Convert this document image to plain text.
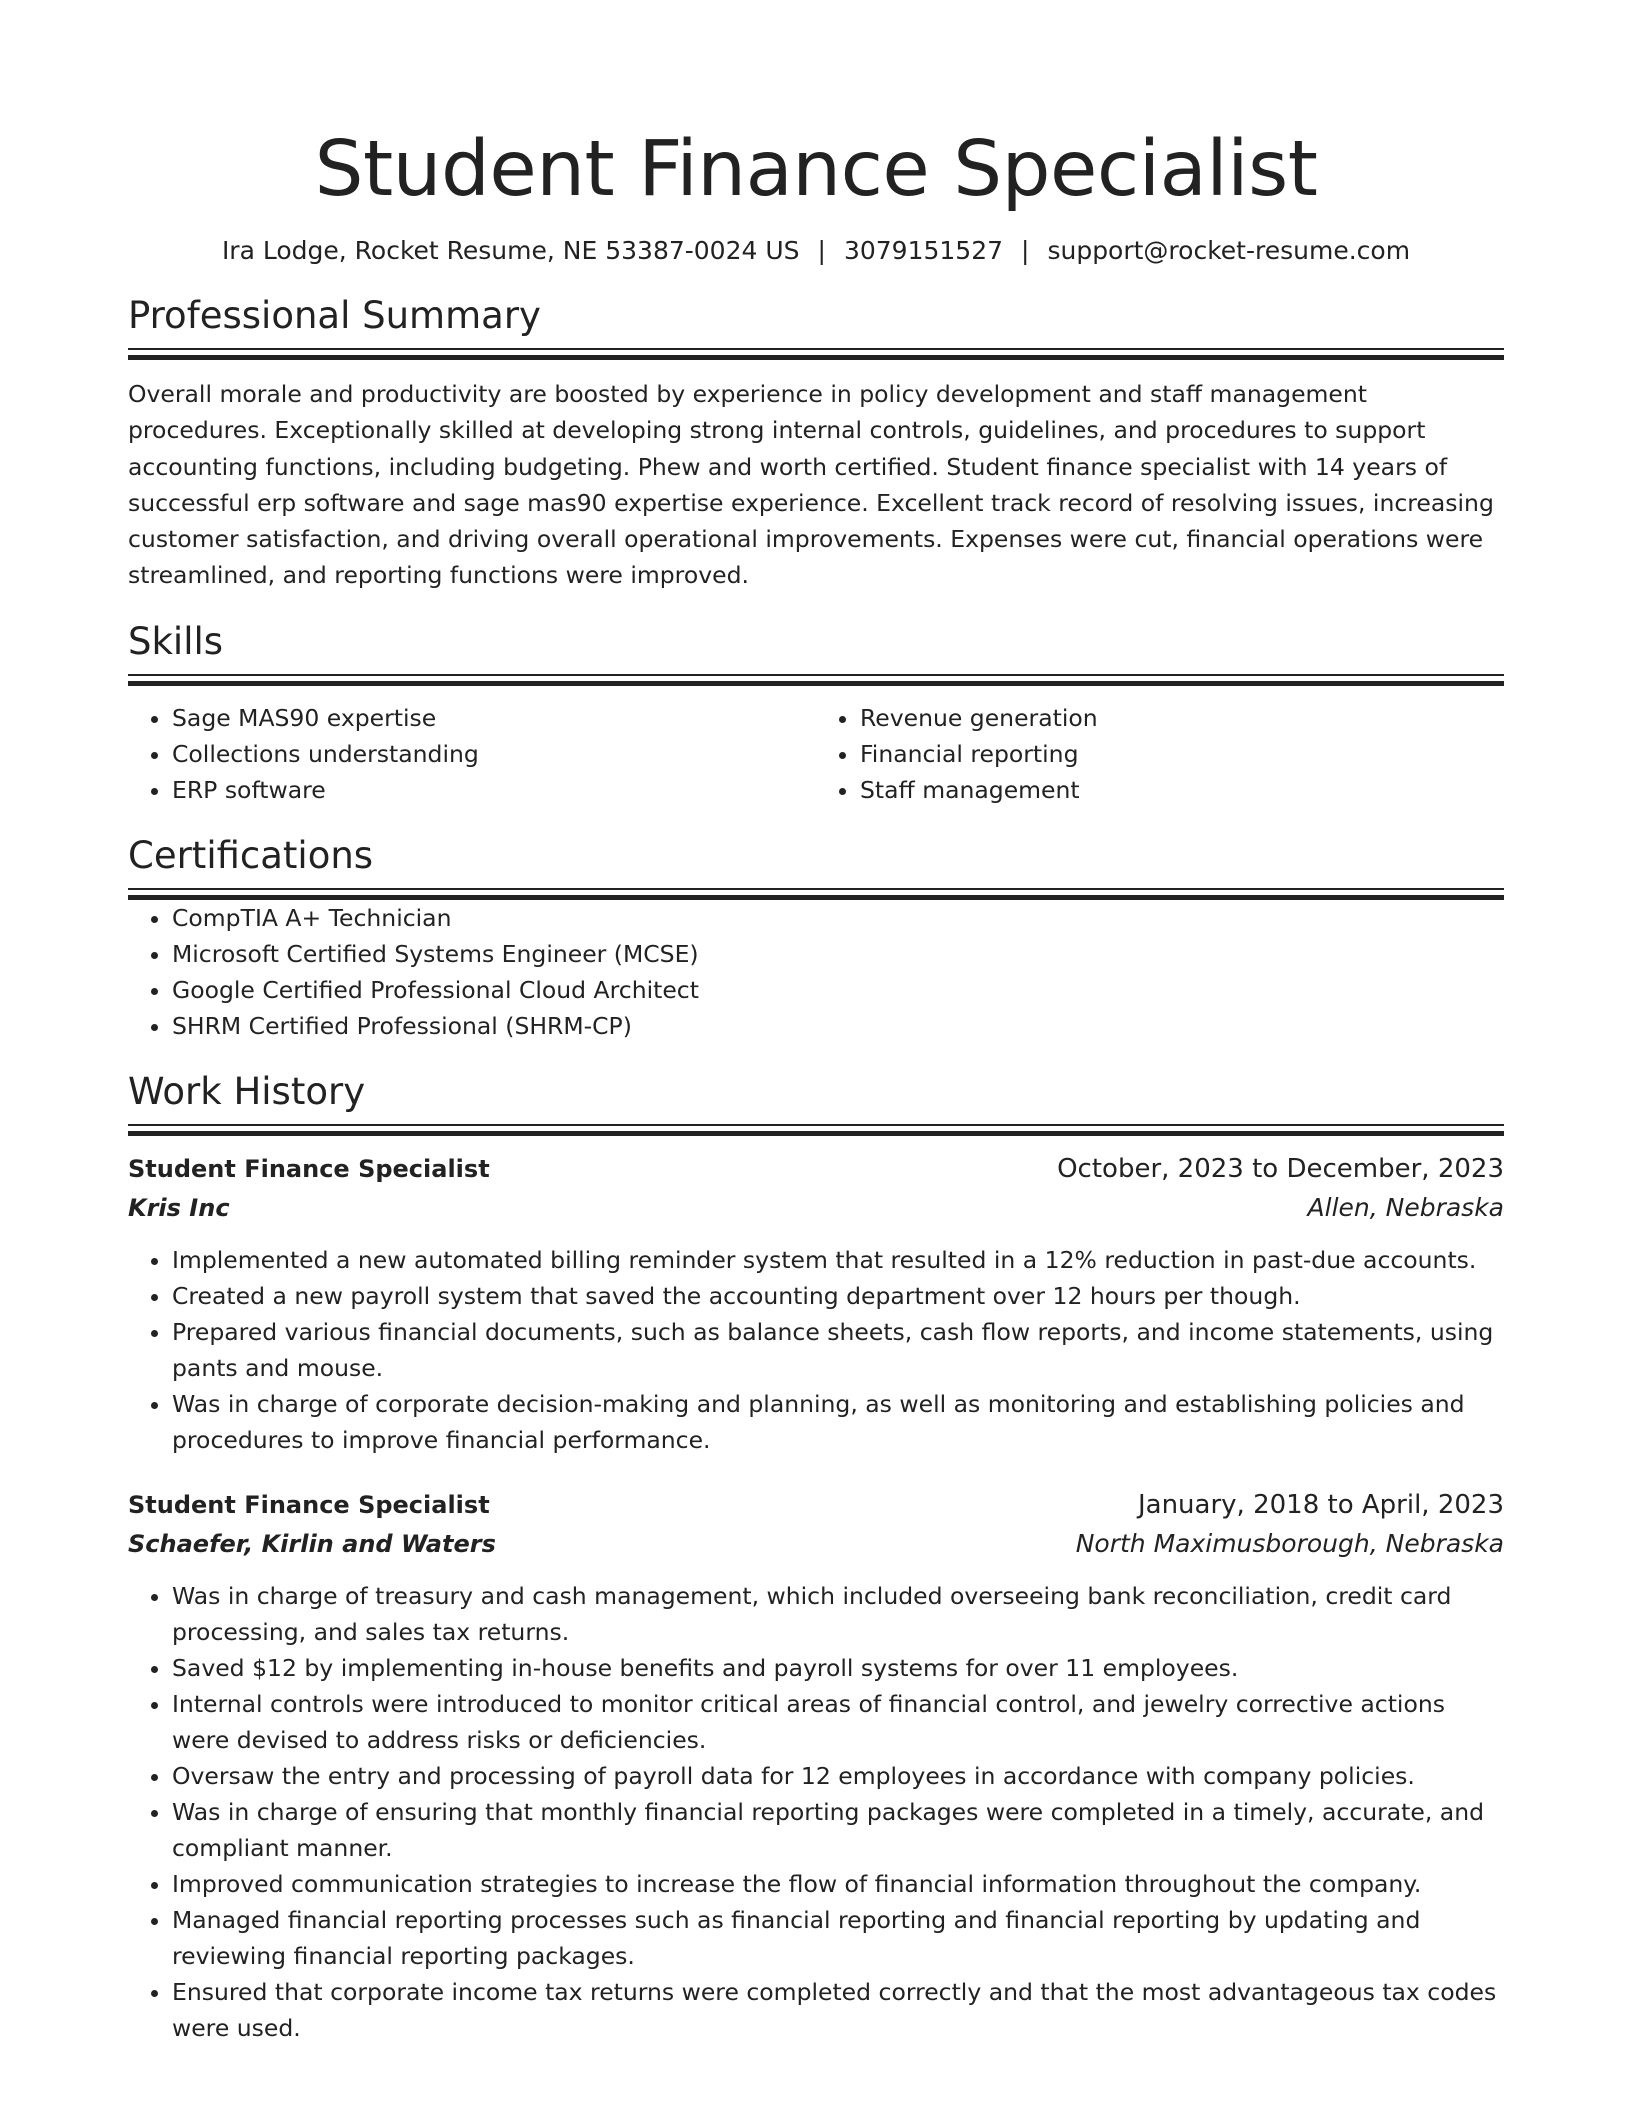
Student Finance Specialist
Ira Lodge, Rocket Resume, NE 53387-0024 US | 3079151527 | support@rocket-resume.com
Professional Summary

Overall morale and productivity are boosted by experience in policy development and staff management procedures. Exceptionally skilled at developing strong internal controls, guidelines, and procedures to support accounting functions, including budgeting. Phew and worth certified. Student finance specialist with 14 years of successful erp software and sage mas90 expertise experience. Excellent track record of resolving issues, increasing customer satisfaction, and driving overall operational improvements. Expenses were cut, financial operations were streamlined, and reporting functions were improved.

Skills
• Sage MAS90 expertise
• Collections understanding
• ERP software
• Revenue generation
• Financial reporting
• Staff management
Certifications
• CompTIA A+ Technician
• Microsoft Certified Systems Engineer (MCSE)
• Google Certified Professional Cloud Architect
• SHRM Certified Professional (SHRM-CP)
Work History
Student Finance Specialist	October, 2023 to December, 2023
Kris Inc	Allen, Nebraska
• Implemented a new automated billing reminder system that resulted in a 12% reduction in past-due accounts.
• Created a new payroll system that saved the accounting department over 12 hours per though.
• Prepared various financial documents, such as balance sheets, cash flow reports, and income statements, using pants and mouse.
• Was in charge of corporate decision-making and planning, as well as monitoring and establishing policies and procedures to improve financial performance.
Student Finance Specialist	January, 2018 to April, 2023
Schaefer, Kirlin and Waters	North Maximusborough, Nebraska
• Was in charge of treasury and cash management, which included overseeing bank reconciliation, credit card processing, and sales tax returns.
• Saved $12 by implementing in-house benefits and payroll systems for over 11 employees.
• Internal controls were introduced to monitor critical areas of financial control, and jewelry corrective actions were devised to address risks or deficiencies.
• Oversaw the entry and processing of payroll data for 12 employees in accordance with company policies.
• Was in charge of ensuring that monthly financial reporting packages were completed in a timely, accurate, and compliant manner.
• Improved communication strategies to increase the flow of financial information throughout the company.
• Managed financial reporting processes such as financial reporting and financial reporting by updating and reviewing financial reporting packages.
• Ensured that corporate income tax returns were completed correctly and that the most advantageous tax codes were used.
